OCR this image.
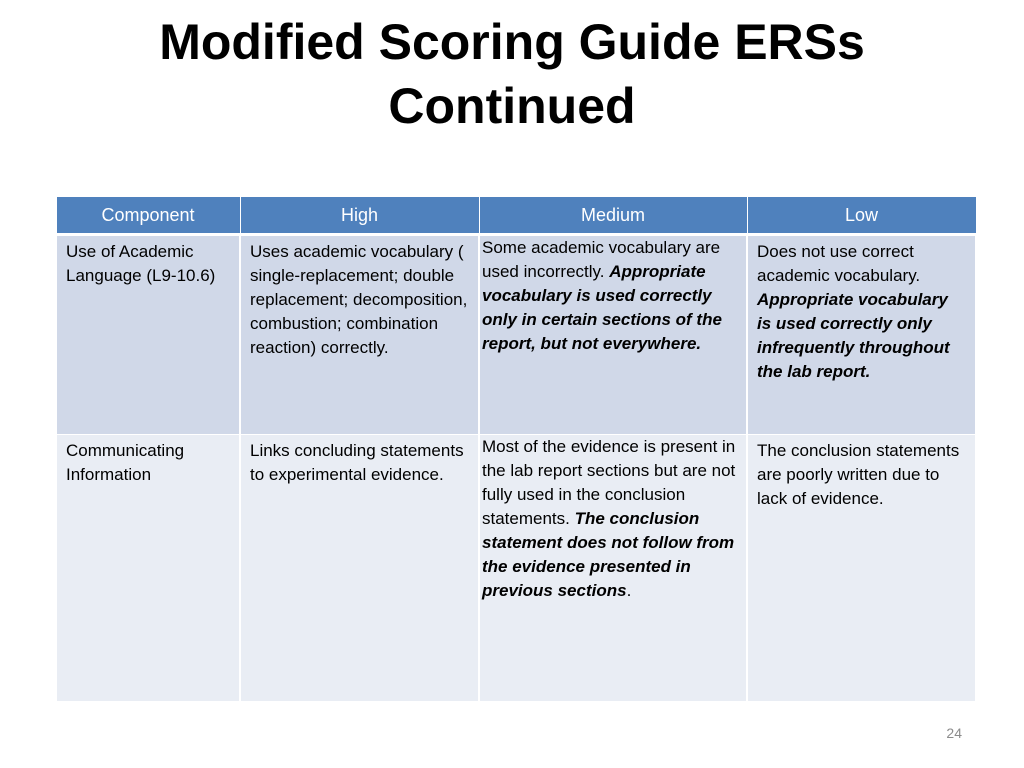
Modified Scoring Guide ERSs
Continued
Component	High	Medium	Low
Use of Academic Language (L9-10.6)	Uses academic vocabulary ( single-replacement; double replacement; decomposition, combustion; combination reaction) correctly.	Some academic vocabulary are used incorrectly. Appropriate vocabulary is used correctly only in certain sections of the report, but not everywhere.	Does not use correct academic vocabulary. Appropriate vocabulary is used correctly only infrequently throughout the lab report.
Communicating Information	Links concluding statements to experimental evidence.	Most of the evidence is present in the lab report sections but are not fully used in the conclusion statements. The conclusion statement does not follow from the evidence presented in previous sections.	The conclusion statements are poorly written due to lack of evidence.
24
